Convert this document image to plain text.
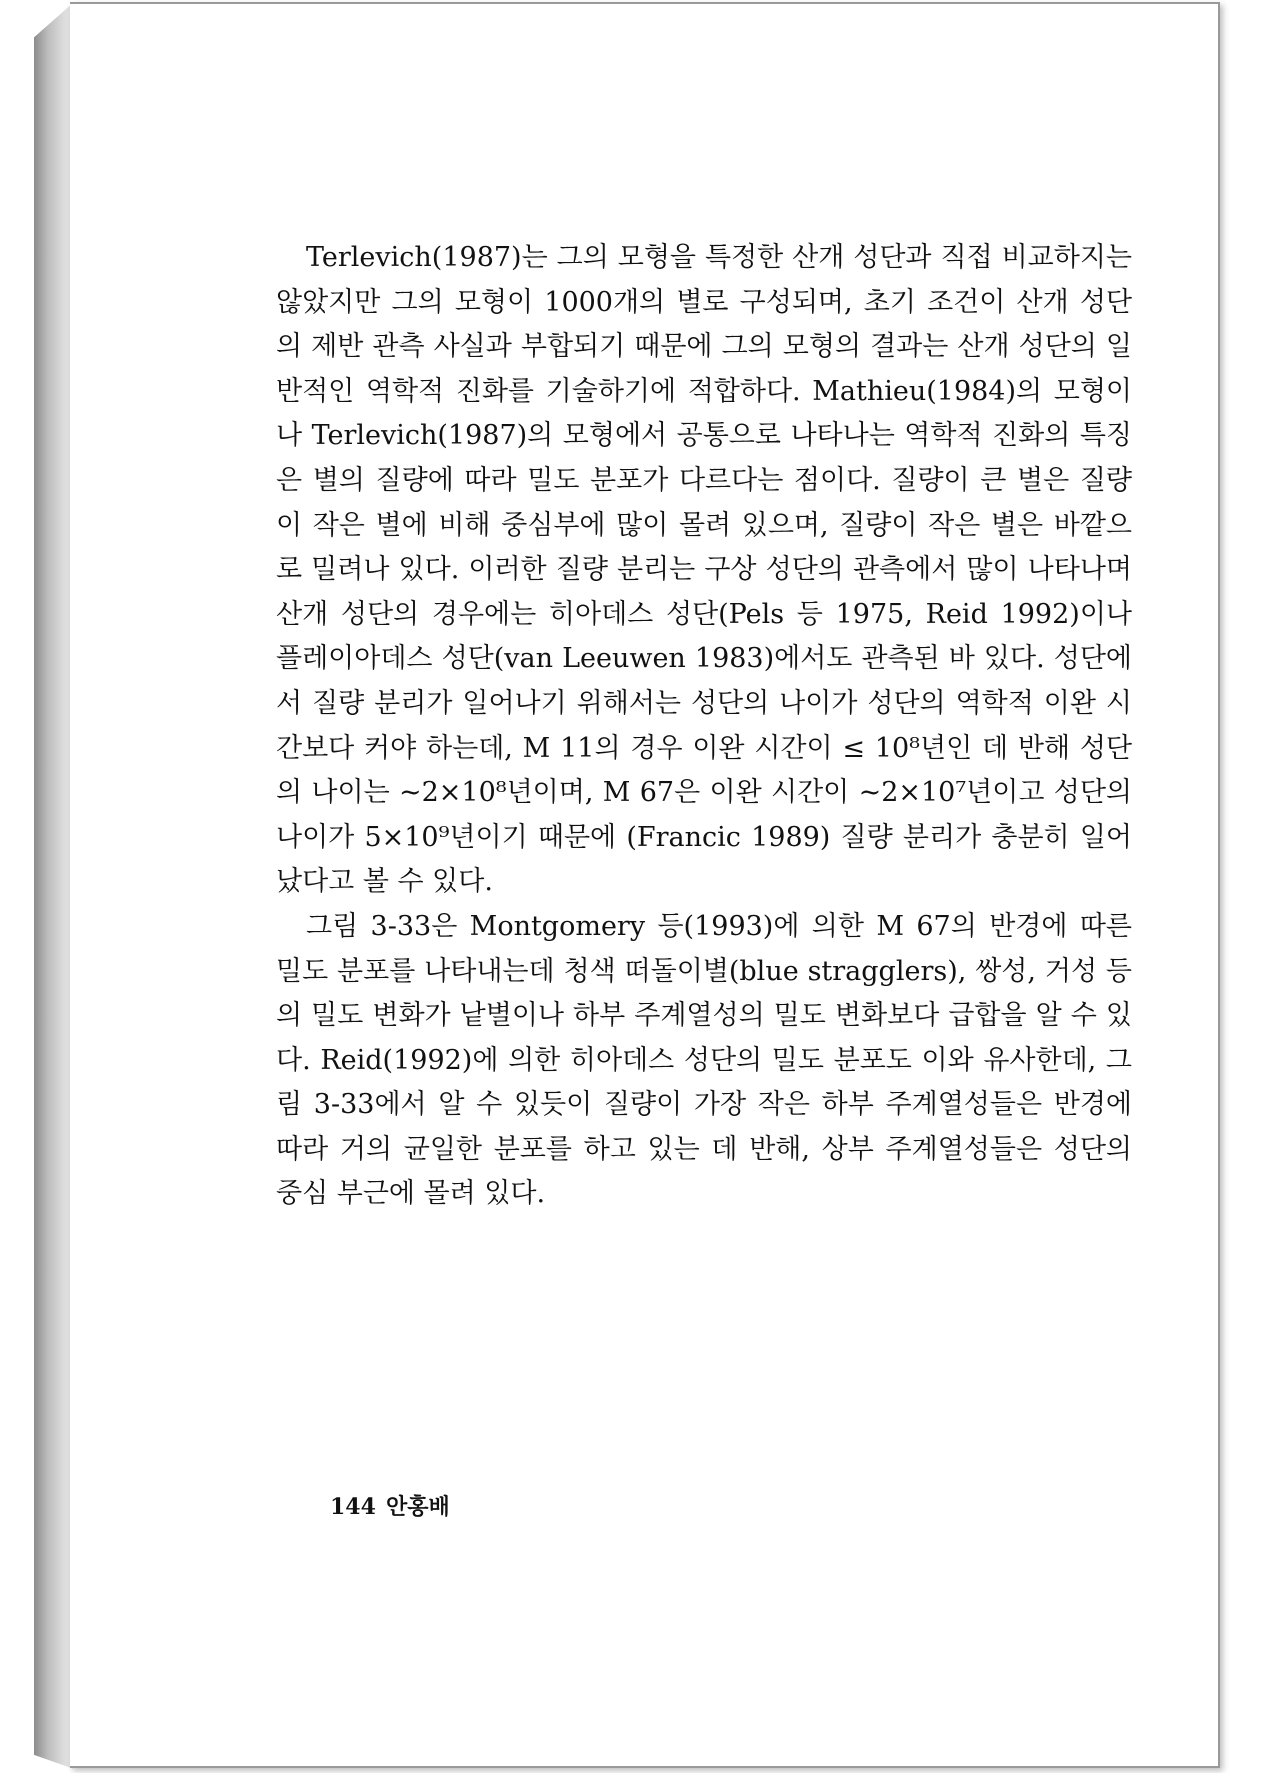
Terlevich(1987)는 그의 모형을 특정한 산개 성단과 직접 비교하지는 않았지만 그의 모형이 1000개의 별로 구성되며, 초기 조건이 산개 성단의 제반 관측 사실과 부합되기 때문에 그의 모형의 결과는 산개 성단의 일반적인 역학적 진화를 기술하기에 적합하다. Mathieu(1984)의 모형이나 Terlevich(1987)의 모형에서 공통으로 나타나는 역학적 진화의 특징은 별의 질량에 따라 밀도 분포가 다르다는 점이다. 질량이 큰 별은 질량이 작은 별에 비해 중심부에 많이 몰려 있으며, 질량이 작은 별은 바깥으로 밀려나 있다. 이러한 질량 분리는 구상 성단의 관측에서 많이 나타나며 산개 성단의 경우에는 히아데스 성단(Pels 등 1975, Reid 1992)이나 플레이아데스 성단(van Leeuwen 1983)에서도 관측된 바 있다. 성단에서 질량 분리가 일어나기 위해서는 성단의 나이가 성단의 역학적 이완 시간보다 커야 하는데, M 11의 경우 이완 시간이 ≤ 10⁸년인 데 반해 성단의 나이는 ~2×10⁸년이며, M 67은 이완 시간이 ~2×10⁷년이고 성단의 나이가 5×10⁹년이기 때문에 (Francic 1989) 질량 분리가 충분히 일어났다고 볼 수 있다.

그림 3-33은 Montgomery 등(1993)에 의한 M 67의 반경에 따른 밀도 분포를 나타내는데 청색 떠돌이별(blue stragglers), 쌍성, 거성 등의 밀도 변화가 낱별이나 하부 주계열성의 밀도 변화보다 급합을 알 수 있다. Reid(1992)에 의한 히아데스 성단의 밀도 분포도 이와 유사한데, 그림 3-33에서 알 수 있듯이 질량이 가장 작은 하부 주계열성들은 반경에 따라 거의 균일한 분포를 하고 있는 데 반해, 상부 주계열성들은 성단의 중심 부근에 몰려 있다.

144 안홍배
